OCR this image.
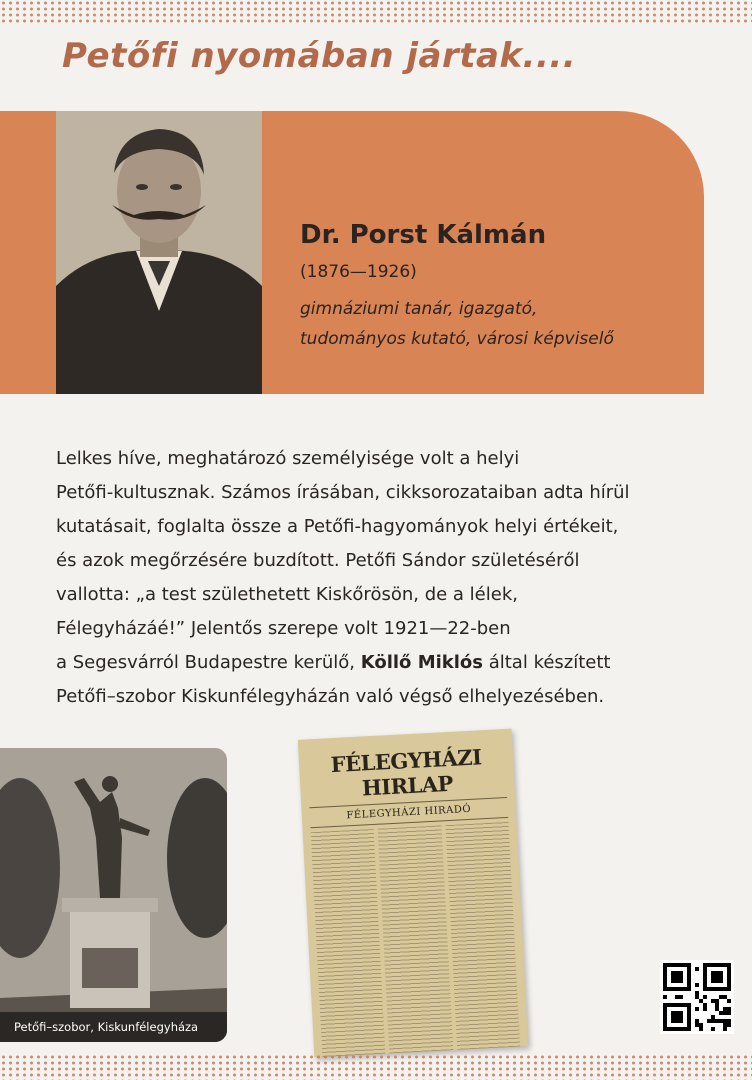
Petőfi nyomában jártak....
Dr. Porst Kálmán
(1876—1926)
gimnáziumi tanár, igazgató,
tudományos kutató, városi képviselő
Lelkes híve, meghatározó személyisége volt a helyi
Petőfi-kultusznak. Számos írásában, cikksorozataiban adta hírül
kutatásait, foglalta össze a Petőfi-hagyományok helyi értékeit,
és azok megőrzésére buzdított. Petőfi Sándor születéséről
vallotta: „a test születhetett Kiskőrösön, de a lélek,
Félegyházáé!” Jelentős szerepe volt 1921—22-ben
a Segesvárról Budapestre kerülő, Köllő Miklós által készített
Petőfi–szobor Kiskunfélegyházán való végső elhelyezésében.
Petőfi–szobor, Kiskunfélegyháza
FÉLEGYHÁZI HIRLAP
FÉLEGYHÁZI HIRADÓ
